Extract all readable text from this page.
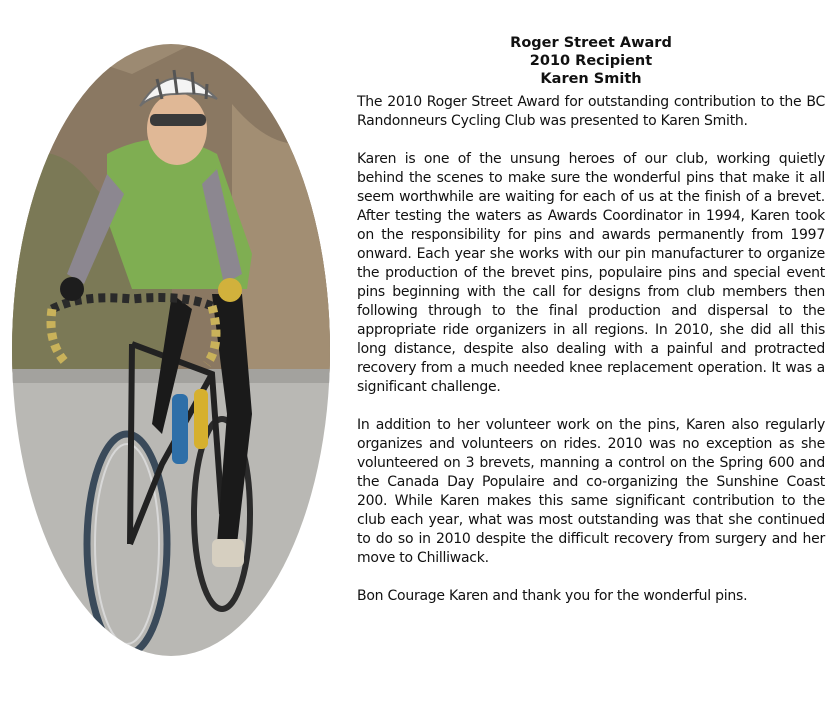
Roger Street Award
2010 Recipient
Karen Smith

The 2010 Roger Street Award for outstanding contribution to the BC Randonneurs Cycling Club was presented to Karen Smith.

Karen is one of the unsung heroes of our club, working quietly behind the scenes to make sure the wonderful pins that make it all seem worthwhile are waiting for each of us at the finish of a brevet. After testing the waters as Awards Coordinator in 1994, Karen took on the responsibility for pins and awards permanently from 1997 onward. Each year she works with our pin manufacturer to organize the production of the brevet pins, populaire pins and special event pins beginning with the call for designs from club members then following through to the final production and dispersal to the appropriate ride organizers in all regions. In 2010, she did all this long distance, despite also dealing with a painful and protracted recovery from a much needed knee replacement operation. It was a significant challenge.

In addition to her volunteer work on the pins, Karen also regularly organizes and volunteers on rides. 2010 was no exception as she volunteered on 3 brevets, manning a control on the Spring 600 and the Canada Day Populaire and co-organizing the Sunshine Coast 200. While Karen makes this same significant contribution to the club each year, what was most outstanding was that she continued to do so in 2010 despite the difficult recovery from surgery and her move to Chilliwack.

Bon Courage Karen and thank you for the wonderful pins.
